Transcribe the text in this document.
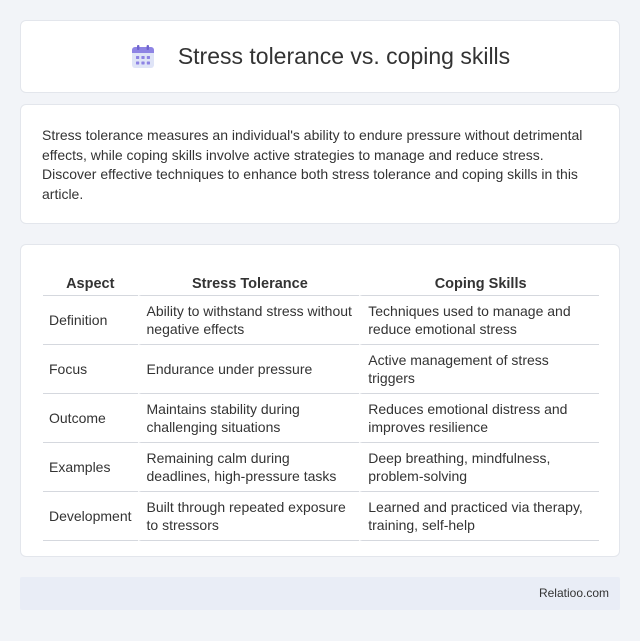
Stress tolerance vs. coping skills

Stress tolerance measures an individual's ability to endure pressure without detrimental effects, while coping skills involve active strategies to manage and reduce stress. Discover effective techniques to enhance both stress tolerance and coping skills in this article.

Aspect	Stress Tolerance	Coping Skills
Definition	Ability to withstand stress without negative effects	Techniques used to manage and reduce emotional stress
Focus	Endurance under pressure	Active management of stress triggers
Outcome	Maintains stability during challenging situations	Reduces emotional distress and improves resilience
Examples	Remaining calm during deadlines, high-pressure tasks	Deep breathing, mindfulness, problem-solving
Development	Built through repeated exposure to stressors	Learned and practiced via therapy, training, self-help
Relatioo.com
